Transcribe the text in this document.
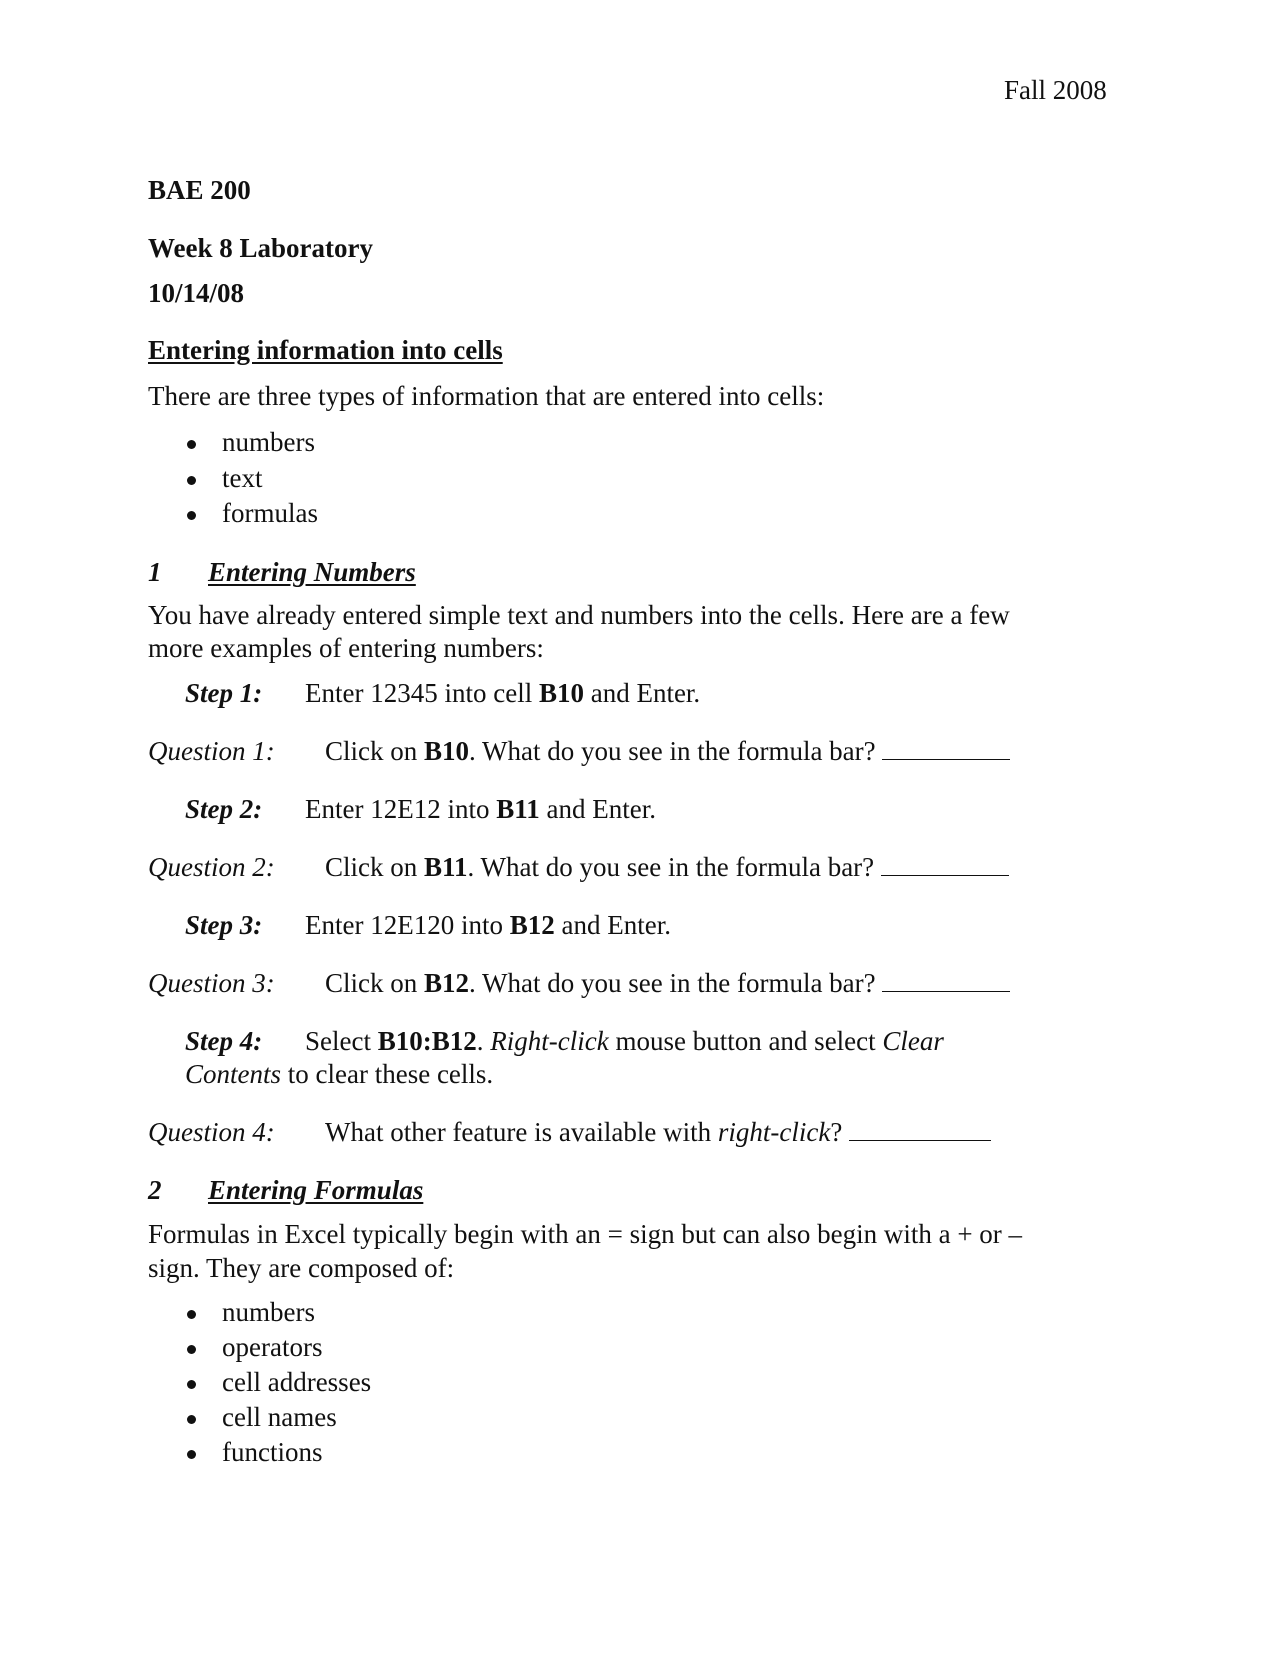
Fall 2008
BAE 200
Week 8 Laboratory
10/14/08
Entering information into cells
There are three types of information that are entered into cells:
numbers
text
formulas
1 Entering Numbers
You have already entered simple text and numbers into the cells. Here are a few
more examples of entering numbers:
Step 1: Enter 12345 into cell B10 and Enter.
Question 1: Click on B10. What do you see in the formula bar?
Step 2: Enter 12E12 into B11 and Enter.
Question 2: Click on B11. What do you see in the formula bar?
Step 3: Enter 12E120 into B12 and Enter.
Question 3: Click on B12. What do you see in the formula bar?
Step 4: Select B10:B12. Right-click mouse button and select Clear
Contents to clear these cells.
Question 4: What other feature is available with right-click?
2 Entering Formulas
Formulas in Excel typically begin with an = sign but can also begin with a + or –
sign. They are composed of:
numbers
operators
cell addresses
cell names
functions
